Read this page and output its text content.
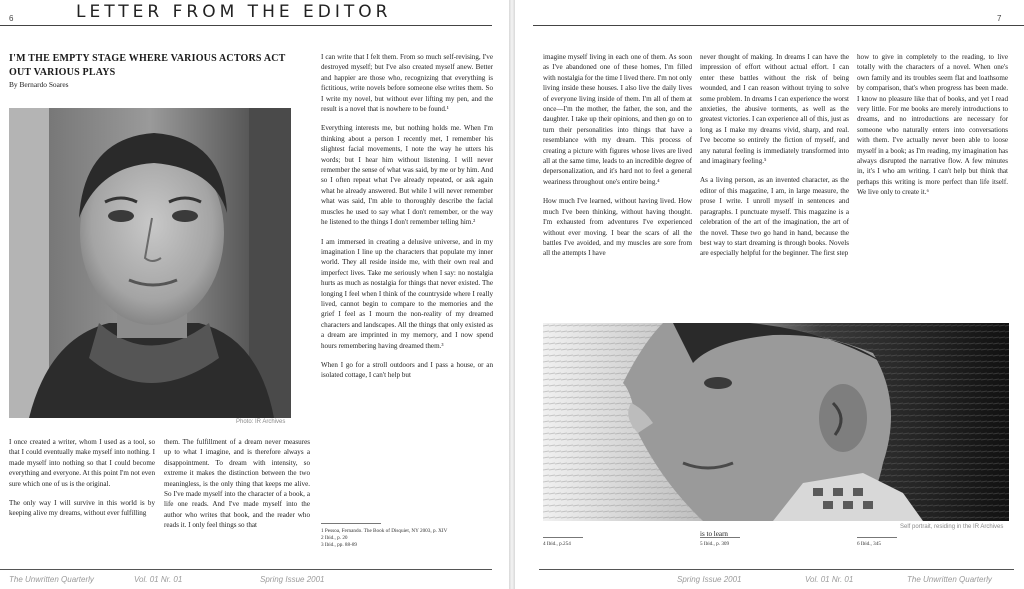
6	LETTER FROM THE EDITOR
I'M THE EMPTY STAGE WHERE VARIOUS ACTORS ACT OUT VARIOUS PLAYS
By Bernardo Soares
Photo: IR Archives

I once created a writer, whom I used as a tool, so that I could eventually make myself into nothing. I made myself into nothing so that I could become everything and everyone. At this point I'm not even sure which one of us is the original.

The only way I will survive in this world is by keeping alive my dreams, without ever fulfilling

them. The fulfillment of a dream never measures up to what I imagine, and is therefore always a disappointment. To dream with intensity, so extreme it makes the distinction between the two meaningless, is the only thing that keeps me alive. So I've made myself into the character of a book, a life one reads. And I've made myself into the author who writes that book, and the reader who reads it. I only feel things so that

I can write that I felt them. From so much self-revising, I've destroyed myself; but I've also created myself anew. Better and happier are those who, recognizing that everything is fictitious, write novels before someone else writes them. So I write my novel, but without ever lifting my pen, and the result is a novel that is nowhere to be found.¹

Everything interests me, but nothing holds me. When I'm thinking about a person I recently met, I remember his slightest facial movements, I note the way he utters his words; but I hear him without listening. I will never remember the sense of what was said, by me or by him. And so I often repeat what I've already repeated, or ask again what he already answered. But while I will never remember what was said, I'm able to thoroughly describe the facial muscles he used to say what I don't remember, or the way he listened to the things I don't remember telling him.²

I am immersed in creating a delusive universe, and in my imagination I line up the characters that populate my inner world. They all reside inside me, with their own real and imperfect lives. Take me seriously when I say: no nostalgia hurts as much as nostalgia for things that never existed. The longing I feel when I think of the countryside where I really lived, cannot begin to compare to the memories and the grief I feel as I mourn the non-reality of my dreamed characters and landscapes. All the things that only existed as a dream are imprinted in my memory, and I now spend hours remembering having dreamed them.³

When I go for a stroll outdoors and I pass a house, or an isolated cottage, I can't help but

1 Pessoa, Fernando. The Book of Disquiet, NY 2003, p. XIV
2 Ibid., p. 20
3 Ibid., pp. 88-89
The Unwritten Quarterly	Vol. 01 Nr. 01	Spring Issue 2001
7

imagine myself living in each one of them. As soon as I've abandoned one of these homes, I'm filled with nostalgia for the time I lived there. I'm not only living inside these houses. I also live the daily lives of everyone living inside of them. I'm all of them at once—I'm the mother, the father, the son, and the daughter. I take up their opinions, and then go on to turn their personalities into things that have a resemblance with my dream. This process of creating a picture with figures whose lives are lived all at the same time, leads to an incredible degree of depersonalization, and it's hard not to feel a general weariness throughout one's entire being.⁴

How much I've learned, without having lived. How much I've been thinking, without having thought. I'm exhausted from adventures I've experienced without ever moving. I bear the scars of all the battles I've avoided, and my muscles are sore from all the attempts I have

never thought of making. In dreams I can have the impression of effort without actual effort. I can enter these battles without the risk of being wounded, and I can reason without trying to solve some problem. In dreams I can experience the worst anxieties, the abusive torments, as well as the greatest victories. I can experience all of this, just as long as I make my dreams vivid, sharp, and real. I've become so entirely the fiction of myself, and any natural feeling is immediately transformed into and imaginary feeling.⁵

As a living person, as an invented character, as the editor of this magazine, I am, in large measure, the prose I write. I unroll myself in sentences and paragraphs. I punctuate myself. This magazine is a celebration of the art of the imagination, the art of the novel. These two go hand in hand, because the best way to start dreaming is through books. Novels are especially helpful for the beginner. The first step

how to give in completely to the reading, to live totally with the characters of a novel. When one's own family and its troubles seem flat and loathsome by comparison, that's when progress has been made. I know no pleasure like that of books, and yet I read very little. For me books are merely introductions to dreams, and no introductions are necessary for someone who naturally enters into conversations with them. I've actually never been able to loose myself in a book; as I'm reading, my imagination has always disrupted the narrative flow. A few minutes in, it's I who am writing. I can't help but think that perhaps this writing is more perfect than life itself. We live only to create it.⁶

Self portrait, residing in the IR Archives
is to learn
4 Ibid., p.254	5 Ibid., p. 309	6 Ibid., 345
Spring Issue 2001	Vol. 01 Nr. 01	The Unwritten Quarterly
